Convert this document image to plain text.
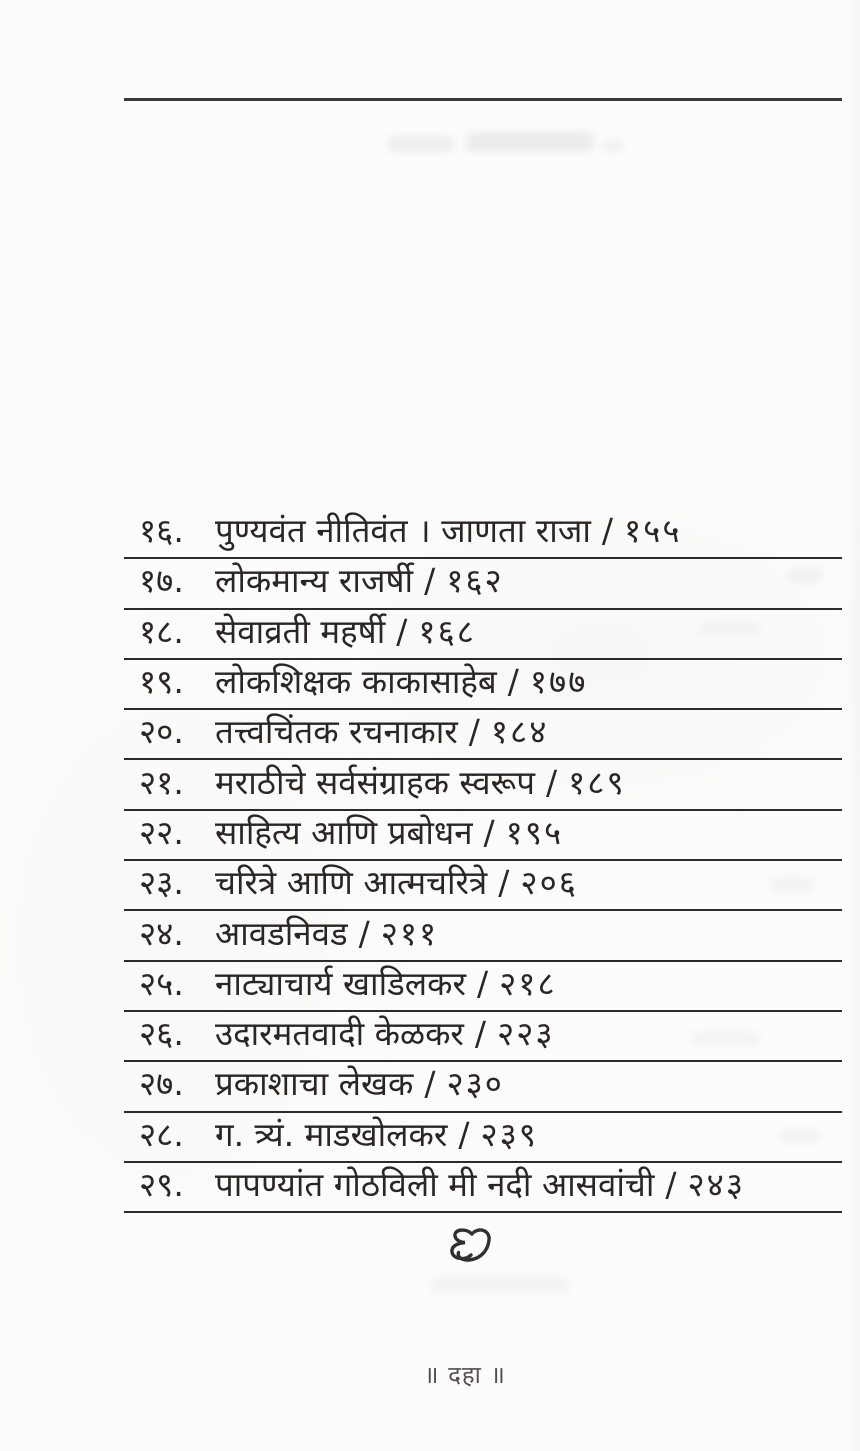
१६. पुण्यवंत नीतिवंत । जाणता राजा / १५५
१७. लोकमान्य राजर्षी / १६२
१८. सेवाव्रती महर्षी / १६८
१९. लोकशिक्षक काकासाहेब / १७७
२०. तत्त्वचिंतक रचनाकार / १८४
२१. मराठीचे सर्वसंग्राहक स्वरूप / १८९
२२. साहित्य आणि प्रबोधन / १९५
२३. चरित्रे आणि आत्मचरित्रे / २०६
२४. आवडनिवड / २११
२५. नाट्याचार्य खाडिलकर / २१८
२६. उदारमतवादी केळकर / २२३
२७. प्रकाशाचा लेखक / २३०
२८. ग. त्र्यं. माडखोलकर / २३९
२९. पापण्यांत गोठविली मी नदी आसवांची / २४३
॥ दहा ॥
